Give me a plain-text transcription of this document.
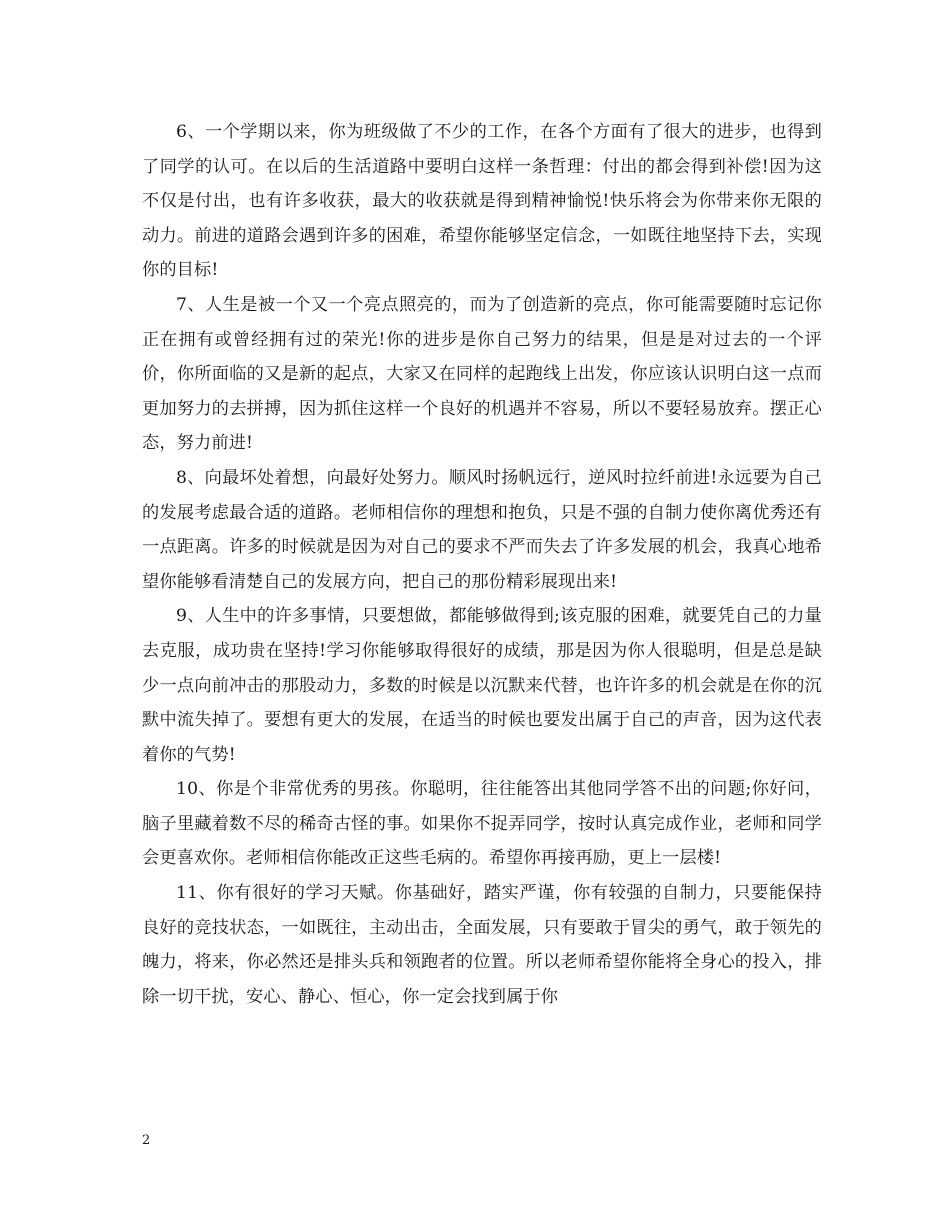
6、一个学期以来，你为班级做了不少的工作，在各个方面有了很大的进步，也得到了同学的认可。在以后的生活道路中要明白这样一条哲理：付出的都会得到补偿!因为这不仅是付出，也有许多收获，最大的收获就是得到精神愉悦!快乐将会为你带来你无限的动力。前进的道路会遇到许多的困难，希望你能够坚定信念，一如既往地坚持下去，实现你的目标!

7、人生是被一个又一个亮点照亮的，而为了创造新的亮点，你可能需要随时忘记你正在拥有或曾经拥有过的荣光!你的进步是你自己努力的结果，但是是对过去的一个评价，你所面临的又是新的起点，大家又在同样的起跑线上出发，你应该认识明白这一点而更加努力的去拼搏，因为抓住这样一个良好的机遇并不容易，所以不要轻易放弃。摆正心态，努力前进!

8、向最坏处着想，向最好处努力。顺风时扬帆远行，逆风时拉纤前进!永远要为自己的发展考虑最合适的道路。老师相信你的理想和抱负，只是不强的自制力使你离优秀还有一点距离。许多的时候就是因为对自己的要求不严而失去了许多发展的机会，我真心地希望你能够看清楚自己的发展方向，把自己的那份精彩展现出来!

9、人生中的许多事情，只要想做，都能够做得到;该克服的困难，就要凭自己的力量去克服，成功贵在坚持!学习你能够取得很好的成绩，那是因为你人很聪明，但是总是缺少一点向前冲击的那股动力，多数的时候是以沉默来代替，也许许多的机会就是在你的沉默中流失掉了。要想有更大的发展，在适当的时候也要发出属于自己的声音，因为这代表着你的气势!

10、你是个非常优秀的男孩。你聪明，往往能答出其他同学答不出的问题;你好问，脑子里藏着数不尽的稀奇古怪的事。如果你不捉弄同学，按时认真完成作业，老师和同学会更喜欢你。老师相信你能改正这些毛病的。希望你再接再励，更上一层楼!

11、你有很好的学习天赋。你基础好，踏实严谨，你有较强的自制力，只要能保持良好的竞技状态，一如既往，主动出击，全面发展，只有要敢于冒尖的勇气，敢于领先的魄力，将来，你必然还是排头兵和领跑者的位置。所以老师希望你能将全身心的投入，排除一切干扰，安心、静心、恒心，你一定会找到属于你

2
